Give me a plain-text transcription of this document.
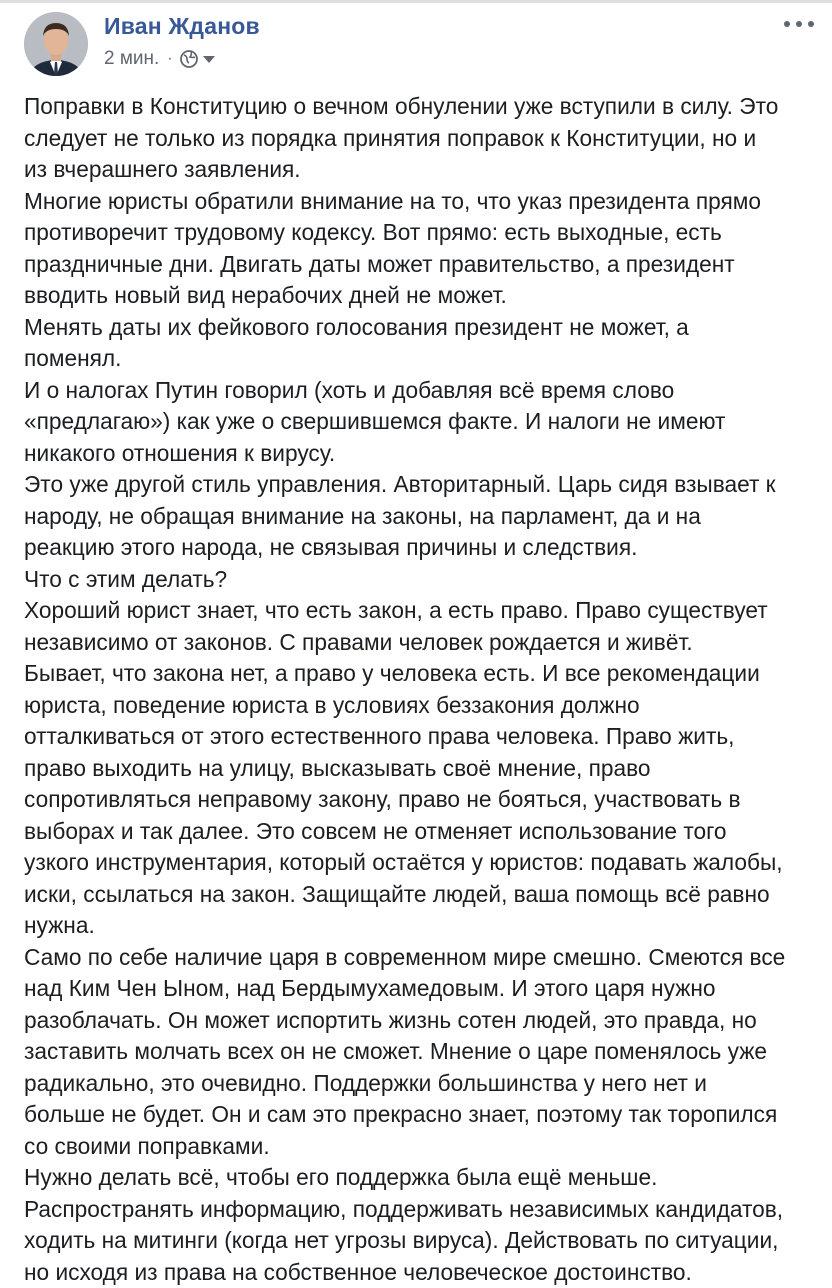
Иван Жданов
2 мин. ·

Поправки в Конституцию о вечном обнулении уже вступили в силу. Это

следует не только из порядка принятия поправок к Конституции, но и

из вчерашнего заявления.

Многие юристы обратили внимание на то, что указ президента прямо

противоречит трудовому кодексу. Вот прямо: есть выходные, есть

праздничные дни. Двигать даты может правительство, а президент

вводить новый вид нерабочих дней не может.

Менять даты их фейкового голосования президент не может, а

поменял.

И о налогах Путин говорил (хоть и добавляя всё время слово

«предлагаю») как уже о свершившемся факте. И налоги не имеют

никакого отношения к вирусу.

Это уже другой стиль управления. Авторитарный. Царь сидя взывает к

народу, не обращая внимание на законы, на парламент, да и на

реакцию этого народа, не связывая причины и следствия.

Что с этим делать?

Хороший юрист знает, что есть закон, а есть право. Право существует

независимо от законов. С правами человек рождается и живёт.

Бывает, что закона нет, а право у человека есть. И все рекомендации

юриста, поведение юриста в условиях беззакония должно

отталкиваться от этого естественного права человека. Право жить,

право выходить на улицу, высказывать своё мнение, право

сопротивляться неправому закону, право не бояться, участвовать в

выборах и так далее. Это совсем не отменяет использование того

узкого инструментария, который остаётся у юристов: подавать жалобы,

иски, ссылаться на закон. Защищайте людей, ваша помощь всё равно

нужна.

Само по себе наличие царя в современном мире смешно. Смеются все

над Ким Чен Ыном, над Бердымухамедовым. И этого царя нужно

разоблачать. Он может испортить жизнь сотен людей, это правда, но

заставить молчать всех он не сможет. Мнение о царе поменялось уже

радикально, это очевидно. Поддержки большинства у него нет и

больше не будет. Он и сам это прекрасно знает, поэтому так торопился

со своими поправками.

Нужно делать всё, чтобы его поддержка была ещё меньше.

Распространять информацию, поддерживать независимых кандидатов,

ходить на митинги (когда нет угрозы вируса). Действовать по ситуации,

но исходя из права на собственное человеческое достоинство.
